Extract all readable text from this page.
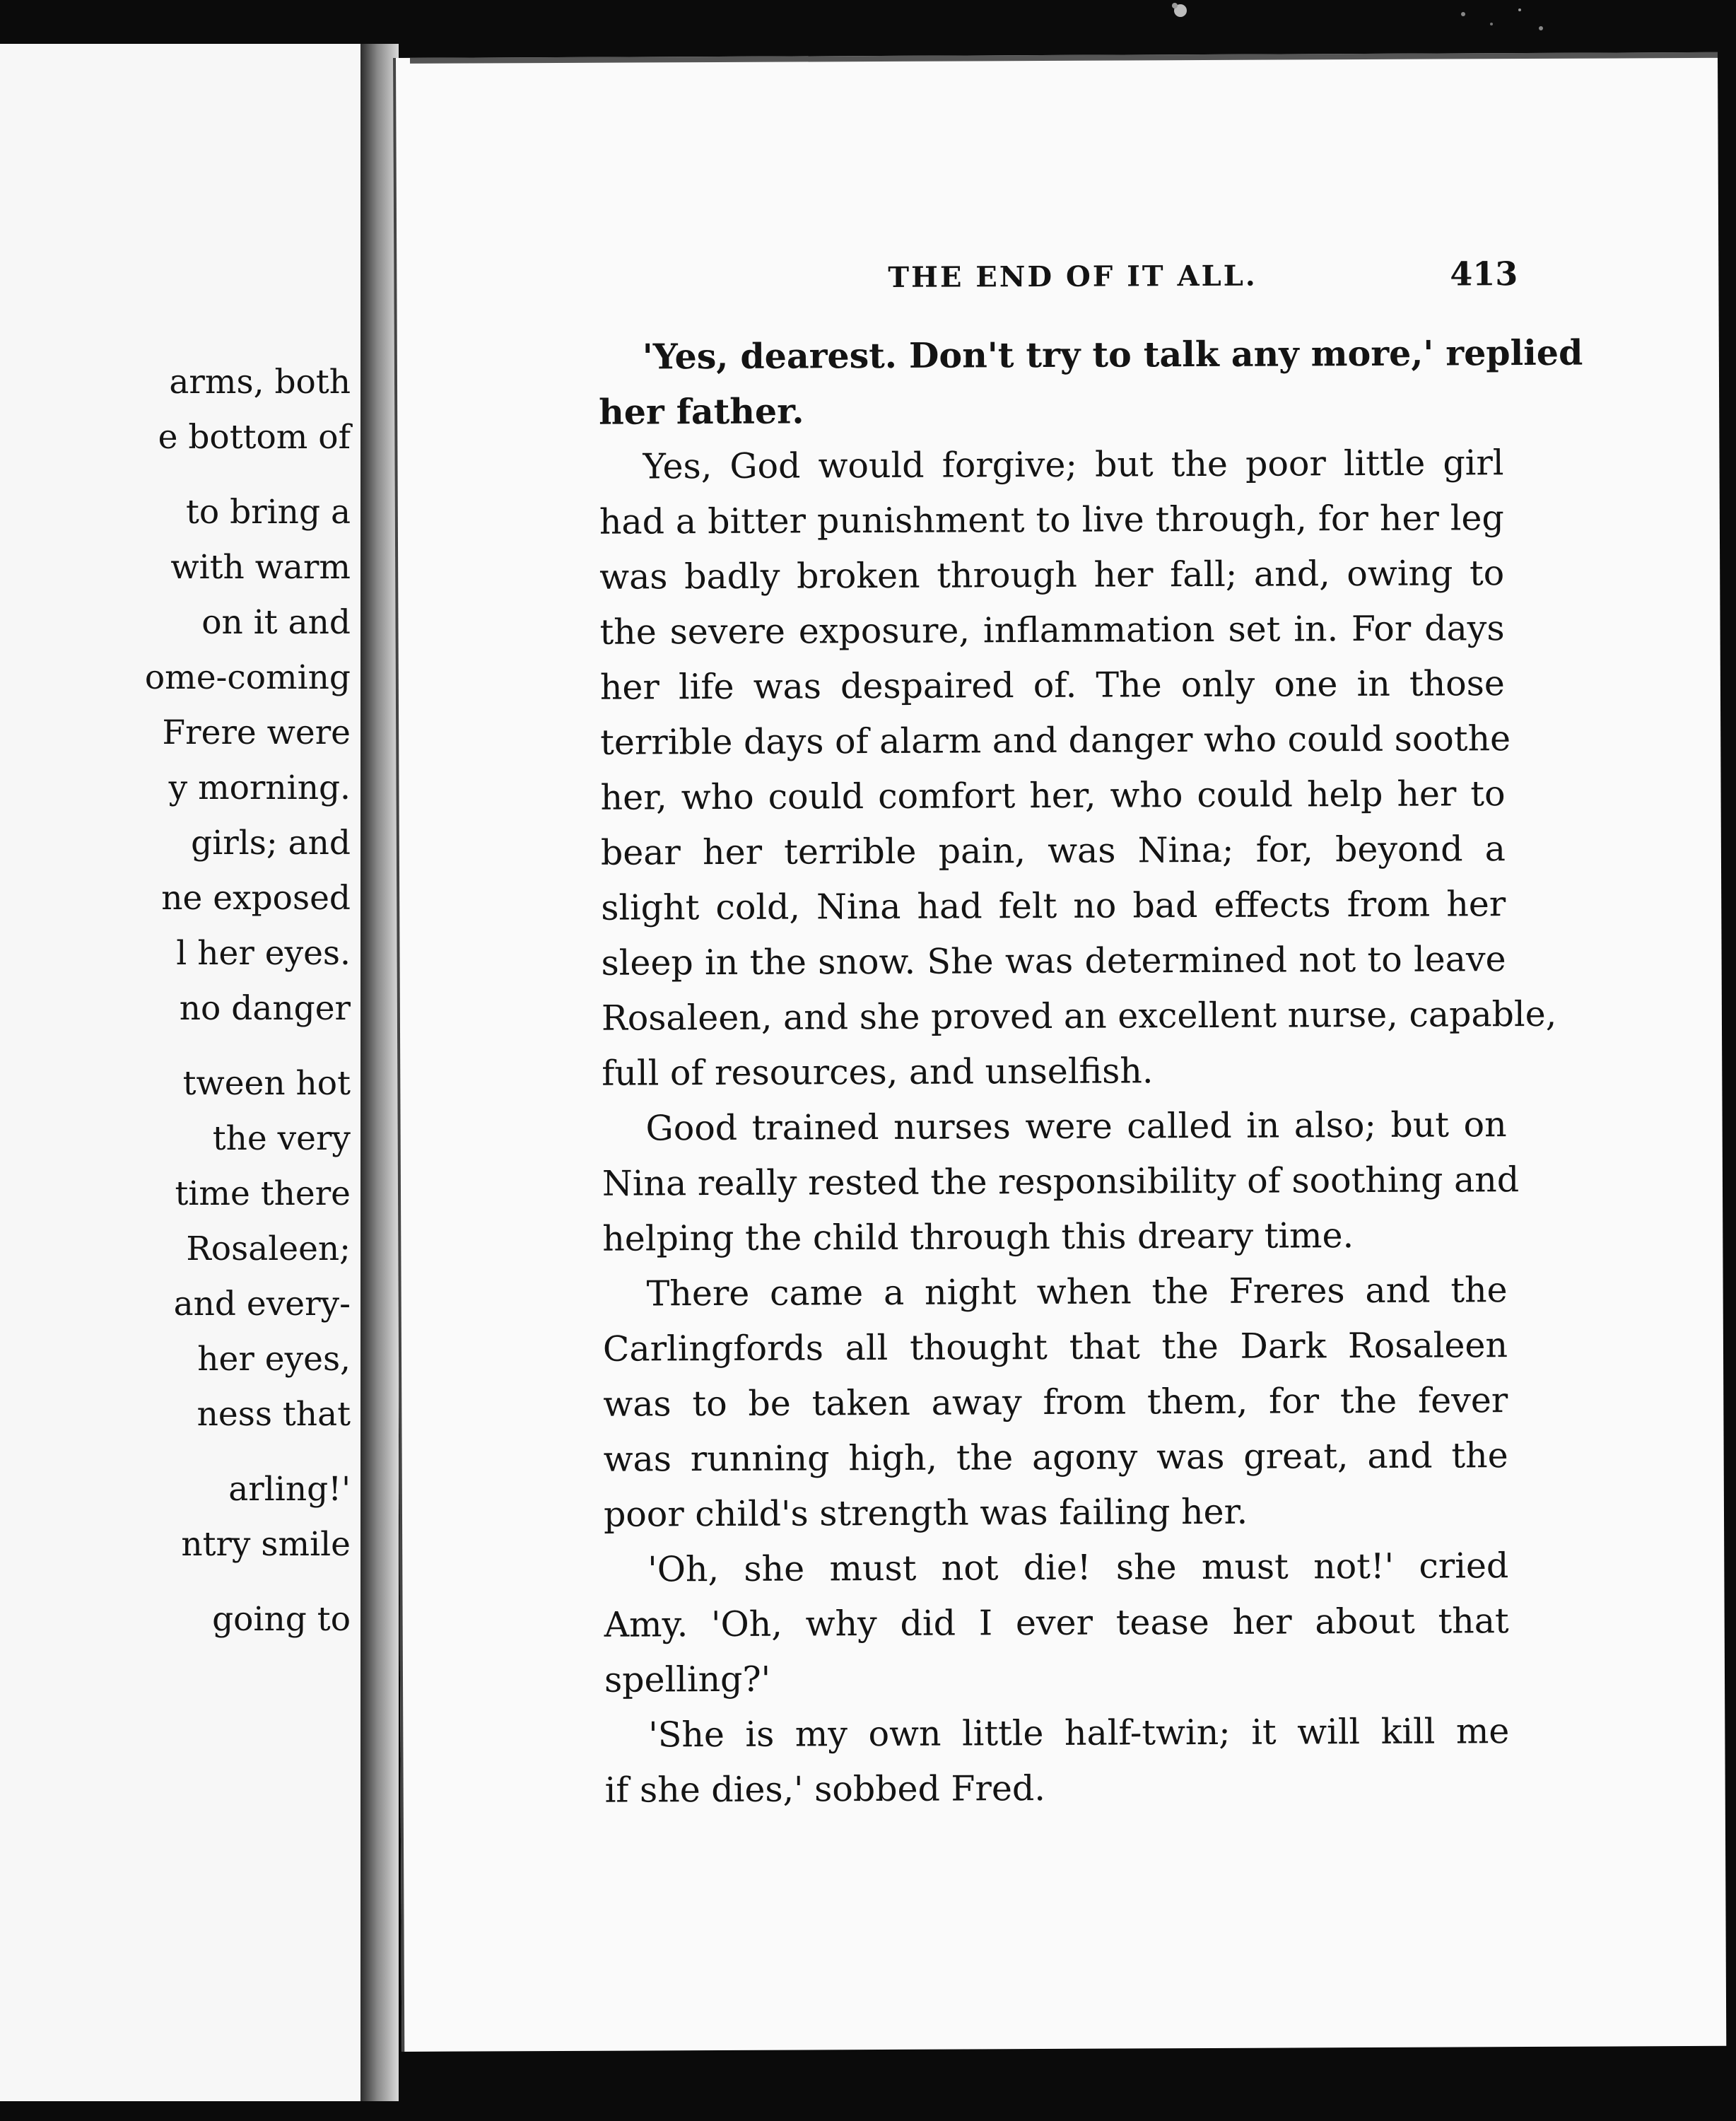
arms, both
e bottom of
to bring a
with warm
on it and
ome-coming
Frere were
y morning.
girls; and
ne exposed
l her eyes.
no danger
tween hot
the very
time there
Rosaleen;
and every-
her eyes,
ness that
arling!'
ntry smile
going to
THE END OF IT ALL.	413
'Yes, dearest. Don't try to talk any more,' replied
her father.
Yes, God would forgive; but the poor little girl
had a bitter punishment to live through, for her leg
was badly broken through her fall; and, owing to
the severe exposure, inflammation set in. For days
her life was despaired of. The only one in those
terrible days of alarm and danger who could soothe
her, who could comfort her, who could help her to
bear her terrible pain, was Nina; for, beyond a
slight cold, Nina had felt no bad effects from her
sleep in the snow. She was determined not to leave
Rosaleen, and she proved an excellent nurse, capable,
full of resources, and unselfish.
Good trained nurses were called in also; but on
Nina really rested the responsibility of soothing and
helping the child through this dreary time.
There came a night when the Freres and the
Carlingfords all thought that the Dark Rosaleen
was to be taken away from them, for the fever
was running high, the agony was great, and the
poor child's strength was failing her.
'Oh, she must not die! she must not!' cried
Amy. 'Oh, why did I ever tease her about that
spelling?'
'She is my own little half-twin; it will kill me
if she dies,' sobbed Fred.
